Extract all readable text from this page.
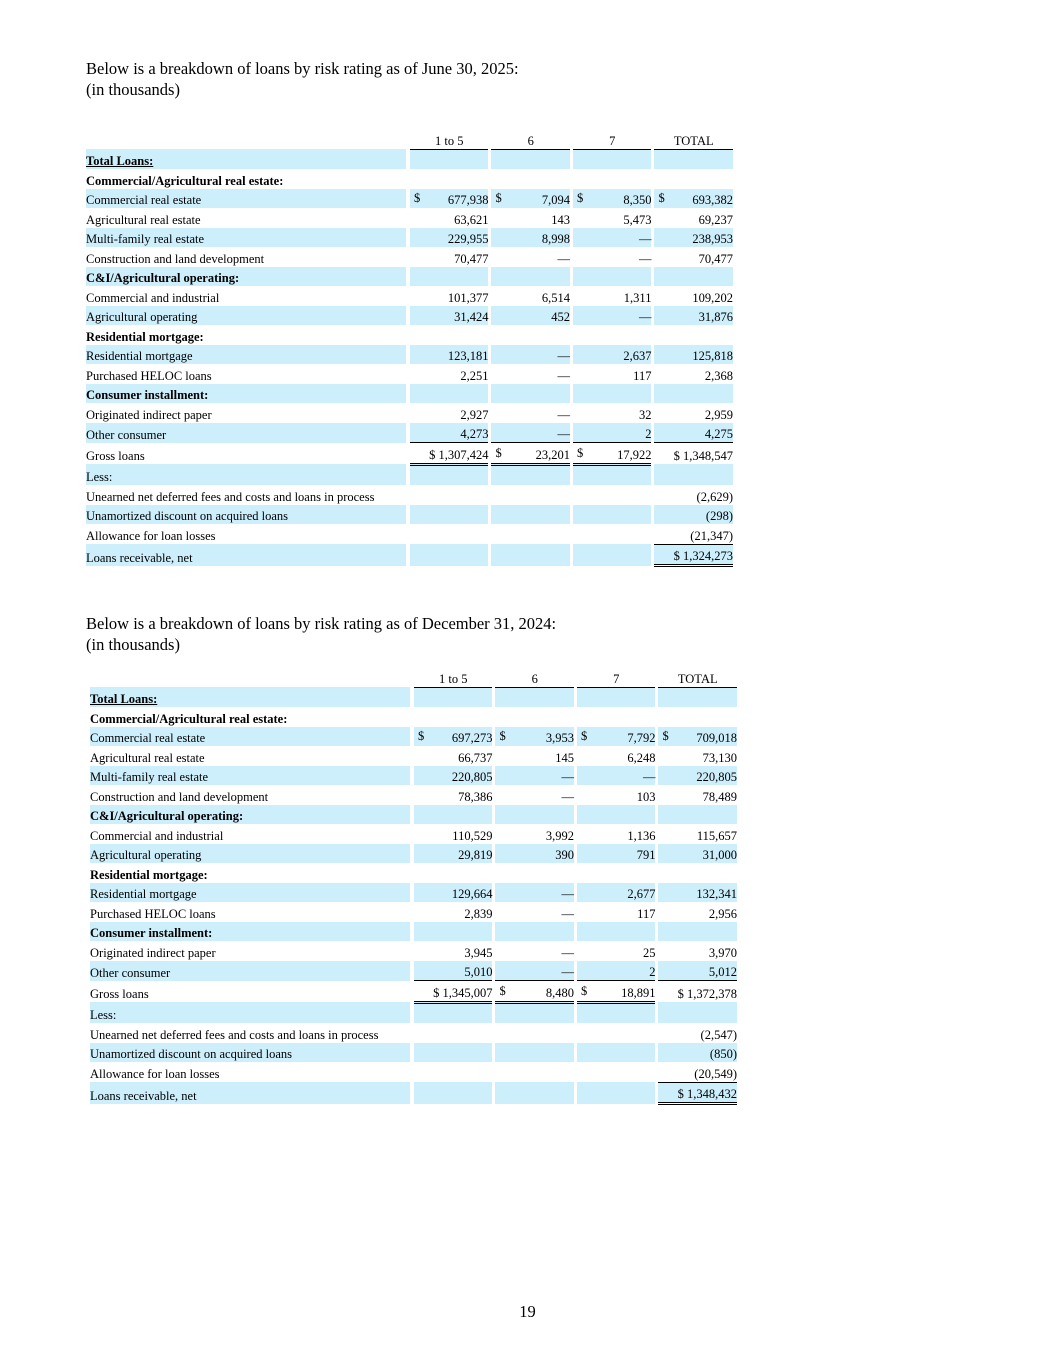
Below is a breakdown of loans by risk rating as of June 30, 2025:

(in thousands)

		1 to 5		6		7		TOTAL
Total Loans:								
Commercial/Agricultural real estate:								
Commercial real estate		$ 677,938		$ 7,094		$ 8,350		$ 693,382
Agricultural real estate		63,621		143		5,473		69,237
Multi-family real estate		229,955		8,998		—		238,953
Construction and land development		70,477		—		—		70,477
C&I/Agricultural operating:								
Commercial and industrial		101,377		6,514		1,311		109,202
Agricultural operating		31,424		452		—		31,876
Residential mortgage:								
Residential mortgage		123,181		—		2,637		125,818
Purchased HELOC loans		2,251		—		117		2,368
Consumer installment:								
Originated indirect paper		2,927		—		32		2,959
Other consumer		4,273		—		2		4,275
Gross loans		$ 1,307,424		$ 23,201		$ 17,922		$ 1,348,547
Less:								
Unearned net deferred fees and costs and loans in process								(2,629)
Unamortized discount on acquired loans								(298)
Allowance for loan losses								(21,347)
Loans receivable, net								$ 1,324,273

Below is a breakdown of loans by risk rating as of December 31, 2024:

(in thousands)

		1 to 5		6		7		TOTAL
Total Loans:								
Commercial/Agricultural real estate:								
Commercial real estate		$ 697,273		$ 3,953		$ 7,792		$ 709,018
Agricultural real estate		66,737		145		6,248		73,130
Multi-family real estate		220,805		—		—		220,805
Construction and land development		78,386		—		103		78,489
C&I/Agricultural operating:								
Commercial and industrial		110,529		3,992		1,136		115,657
Agricultural operating		29,819		390		791		31,000
Residential mortgage:								
Residential mortgage		129,664		—		2,677		132,341
Purchased HELOC loans		2,839		—		117		2,956
Consumer installment:								
Originated indirect paper		3,945		—		25		3,970
Other consumer		5,010		—		2		5,012
Gross loans		$ 1,345,007		$ 8,480		$ 18,891		$ 1,372,378
Less:								
Unearned net deferred fees and costs and loans in process								(2,547)
Unamortized discount on acquired loans								(850)
Allowance for loan losses								(20,549)
Loans receivable, net								$ 1,348,432
19
